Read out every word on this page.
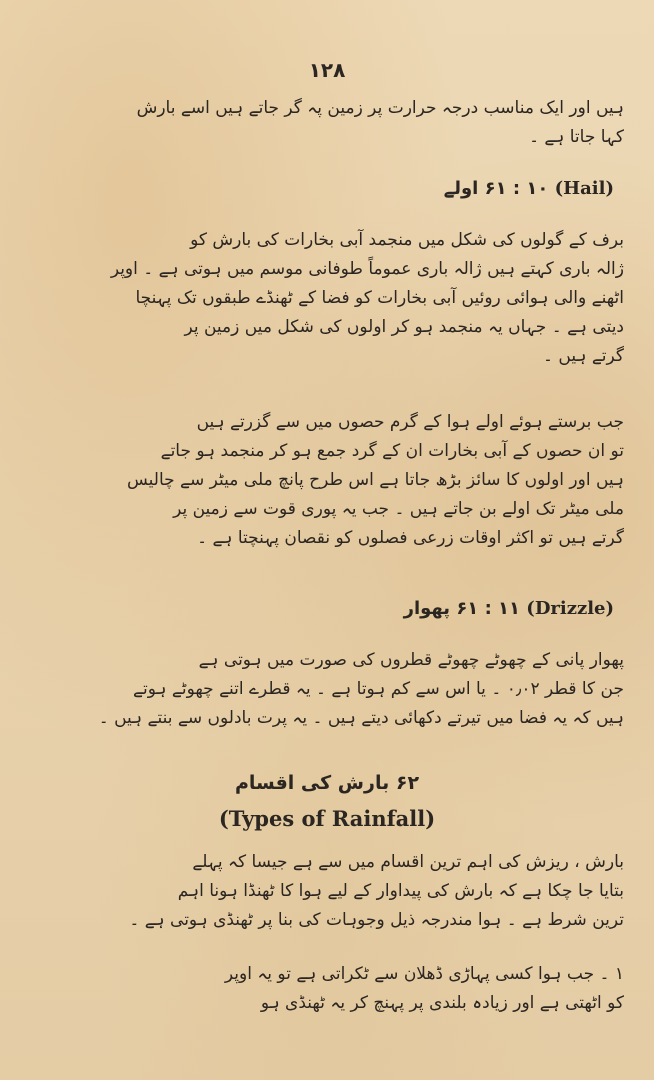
۱۲۸
ہیں اور ایک مناسب درجہ حرارت پر زمین پہ گر جاتے ہیں اسے بارش
کہا جاتا ہے ۔
۱۰ : ۶۱ اولے (Hail)
برف کے گولوں کی شکل میں منجمد آبی بخارات کی بارش کو
ژالہ باری کہتے ہیں ژالہ باری عموماً طوفانی موسم میں ہوتی ہے ۔ اوپر
اٹھنے والی ہوائی روئیں آبی بخارات کو فضا کے ٹھنڈے طبقوں تک پہنچا
دیتی ہے ۔ جہاں یہ منجمد ہو کر اولوں کی شکل میں زمین پر
گرتے ہیں ۔
جب برستے ہوئے اولے ہوا کے گرم حصوں میں سے گزرتے ہیں
تو ان حصوں کے آبی بخارات ان کے گرد جمع ہو کر منجمد ہو جاتے
ہیں اور اولوں کا سائز بڑھ جاتا ہے اس طرح پانچ ملی میٹر سے چالیس
ملی میٹر تک اولے بن جاتے ہیں ۔ جب یہ پوری قوت سے زمین پر
گرتے ہیں تو اکثر اوقات زرعی فصلوں کو نقصان پہنچتا ہے ۔
۱۱ : ۶۱ پھوار (Drizzle)
پھوار پانی کے چھوٹے چھوٹے قطروں کی صورت میں ہوتی ہے
جن کا قطر ۰٫۰۲ ۔ یا اس سے کم ہوتا ہے ۔ یہ قطرے اتنے چھوٹے ہوتے
ہیں کہ یہ فضا میں تیرتے دکھائی دیتے ہیں ۔ یہ پرت بادلوں سے بنتے ہیں ۔
۶۲ بارش کی اقسام
(Types of Rainfall)
بارش ، ریزش کی اہم ترین اقسام میں سے ہے جیسا کہ پہلے
بتایا جا چکا ہے کہ بارش کی پیداوار کے لیے ہوا کا ٹھنڈا ہونا اہم
ترین شرط ہے ۔ ہوا مندرجہ ذیل وجوہات کی بنا پر ٹھنڈی ہوتی ہے ۔
۱ ۔ جب ہوا کسی پہاڑی ڈھلان سے ٹکراتی ہے تو یہ اوپر
کو اٹھتی ہے اور زیادہ بلندی پر پہنچ کر یہ ٹھنڈی ہو
